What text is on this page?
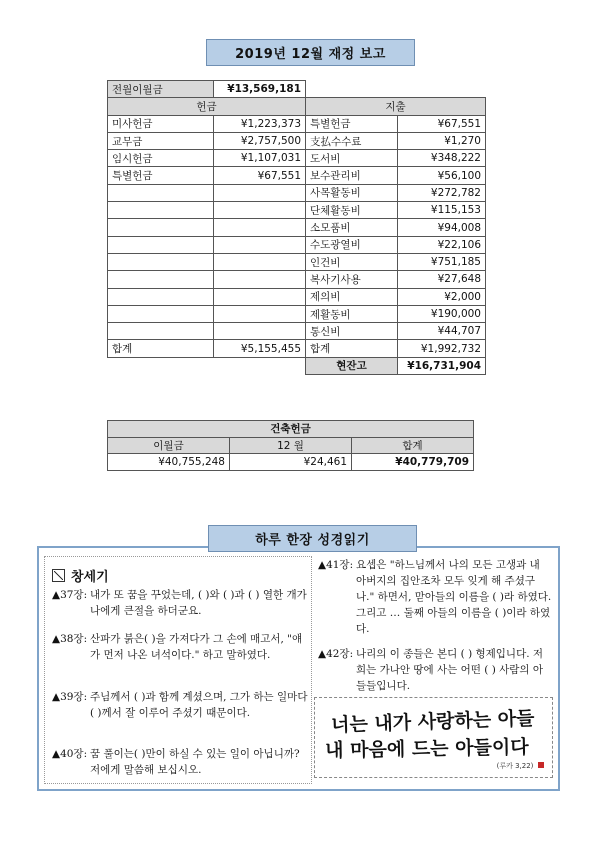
2019년 12월 재정 보고
전월이월금	¥13,569,181		
헌금		지출	
미사헌금	¥1,223,373	특별헌금	¥67,551
교무금	¥2,757,500	支払수수료	¥1,270
임시헌금	¥1,107,031	도서비	¥348,222
특별헌금	¥67,551	보수관리비	¥56,100
		사목활동비	¥272,782
		단체활동비	¥115,153
		소모품비	¥94,008
		수도광열비	¥22,106
		인건비	¥751,185
		복사기사용	¥27,648
		제의비	¥2,000
		제활동비	¥190,000
		통신비	¥44,707
합계	¥5,155,455	합계	¥1,992,732
		현잔고	¥16,731,904
건축헌금		
이월금	12 월	합계
¥40,755,248	¥24,461	¥40,779,709
하루 한장 성경읽기
창세기
▲37장: 내가 또 꿈을 꾸었는데, ( )와 ( )과 ( ) 열한 개가 나에게 큰절을 하더군요.
▲38장: 산파가 붉은( )을 가져다가 그 손에 매고서, "얘가 먼저 나온 녀석이다." 하고 말하였다.
▲39장: 주님께서 ( )과 함께 계셨으며, 그가 하는 일마다 ( )께서 잘 이루어 주셨기 때문이다.
▲40장: 꿈 풀이는( )만이 하실 수 있는 일이 아닙니까? 저에게 말씀해 보십시오.
▲41장: 요셉은 "하느님께서 나의 모든 고생과 내 아버지의 집안조차 모두 잊게 해 주셨구나." 하면서, 맏아들의 이름을 ( )라 하였다. 그리고 … 둘째 아들의 이름을 ( )이라 하였다.
▲42장: 나리의 이 종들은 본디 ( ) 형제입니다. 저희는 가나안 땅에 사는 어떤 ( ) 사람의 아들들입니다.
너는 내가 사랑하는 아들
내 마음에 드는 아들이다
(루카 3,22)
